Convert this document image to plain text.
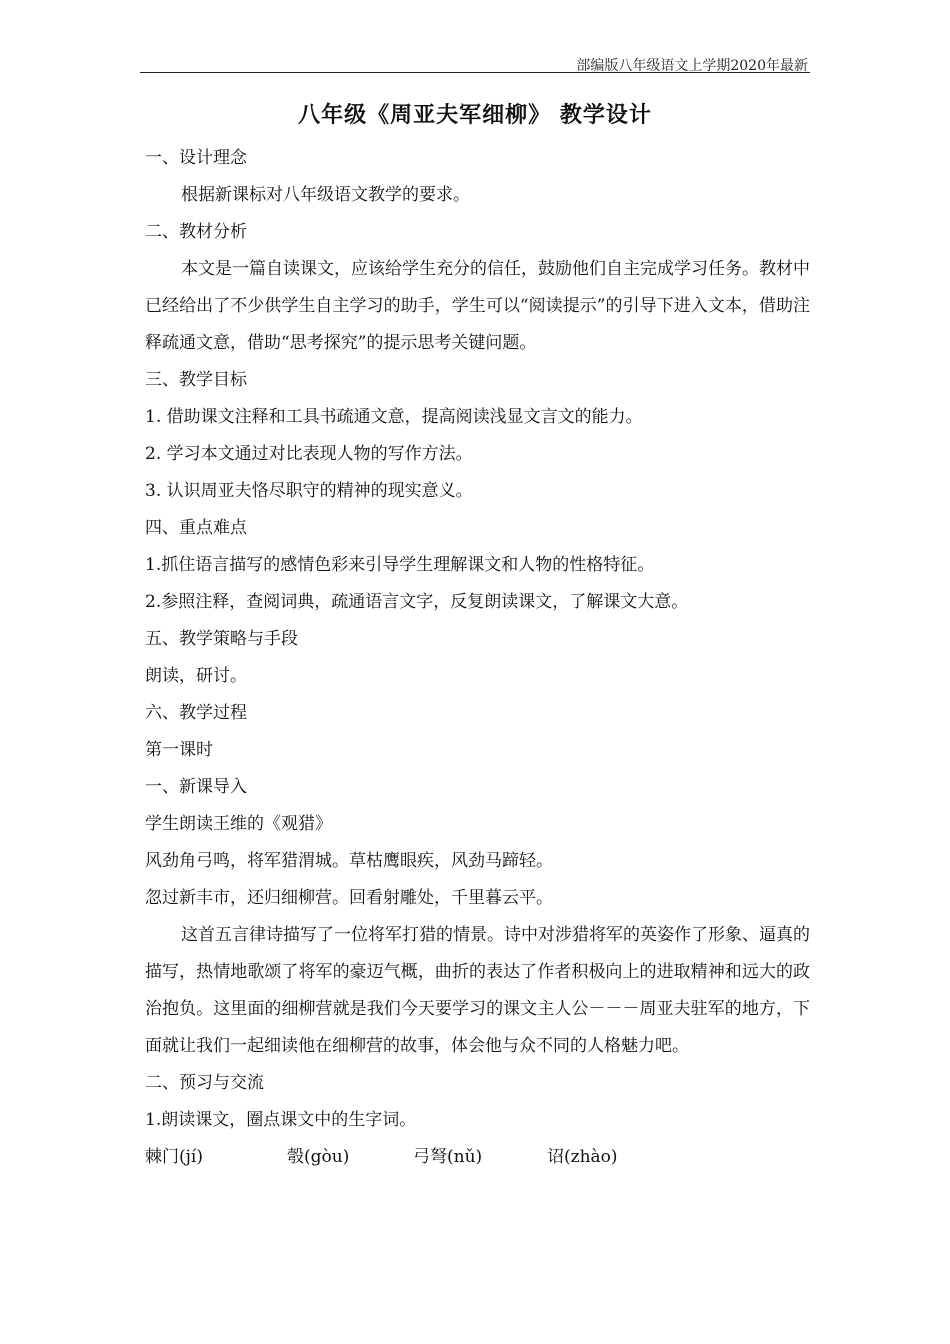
部编版八年级语文上学期2020年最新
八年级《周亚夫军细柳》 教学设计
一、设计理念
根据新课标对八年级语文教学的要求。
二、教材分析
本文是一篇自读课文，应该给学生充分的信任，鼓励他们自主完成学习任务。教材中已经给出了不少供学生自主学习的助手，学生可以“阅读提示”的引导下进入文本，借助注释疏通文意，借助“思考探究”的提示思考关键问题。
三、教学目标
1. 借助课文注释和工具书疏通文意，提高阅读浅显文言文的能力。
2. 学习本文通过对比表现人物的写作方法。
3. 认识周亚夫恪尽职守的精神的现实意义。
四、重点难点
1.抓住语言描写的感情色彩来引导学生理解课文和人物的性格特征。
2.参照注释，查阅词典，疏通语言文字，反复朗读课文，了解课文大意。
五、教学策略与手段
朗读，研讨。
六、教学过程
第一课时
一、新课导入
学生朗读王维的《观猎》
风劲角弓鸣，将军猎渭城。草枯鹰眼疾，风劲马蹄轻。
忽过新丰市，还归细柳营。回看射雕处，千里暮云平。
这首五言律诗描写了一位将军打猎的情景。诗中对涉猎将军的英姿作了形象、逼真的描写，热情地歌颂了将军的豪迈气概，曲折的表达了作者积极向上的进取精神和远大的政治抱负。这里面的细柳营就是我们今天要学习的课文主人公－－－周亚夫驻军的地方，下面就让我们一起细读他在细柳营的故事，体会他与众不同的人格魅力吧。
二、预习与交流
1.朗读课文，圈点课文中的生字词。
棘门(jí)	彀(gòu)	弓弩(nǔ)	诏(zhào)
